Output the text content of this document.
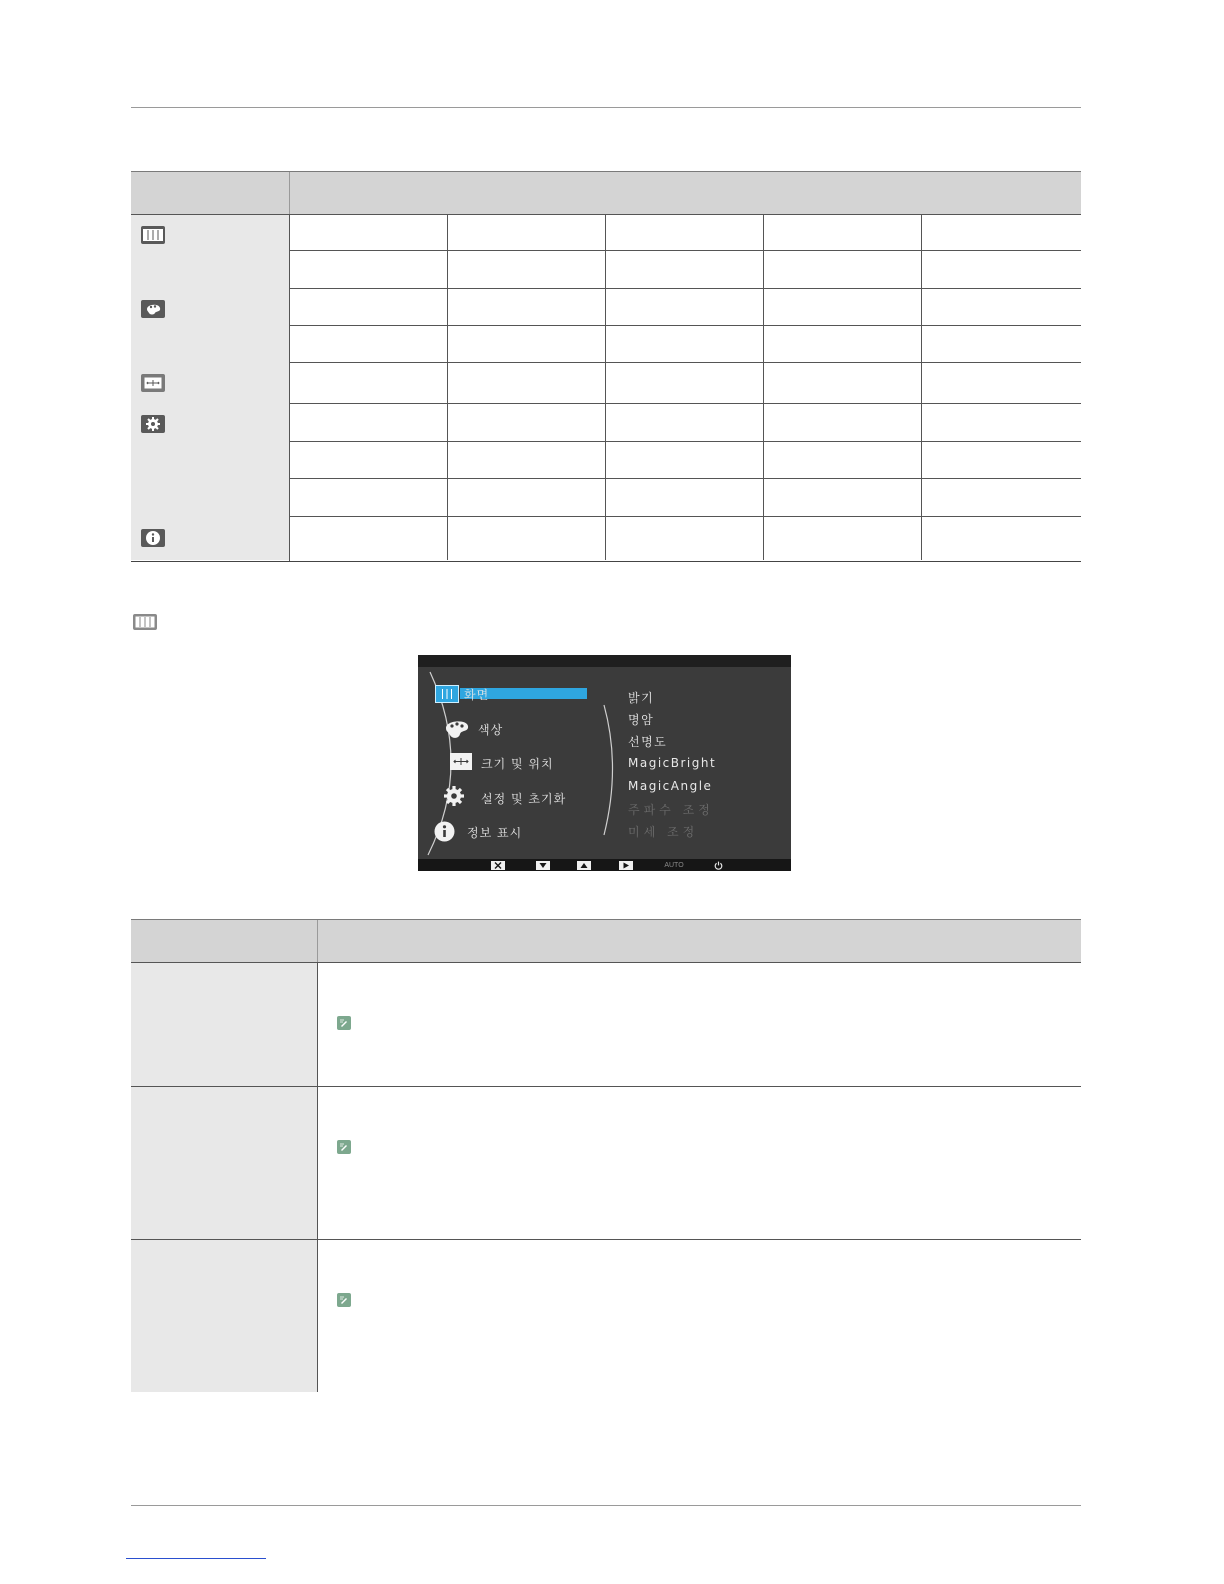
화면
색상
크기 및 위치
설정 및 초기화
정보 표시
밝기
명암
선명도
MagicBright
MagicAngle
주파수 조정
미세 조정
AUTO
